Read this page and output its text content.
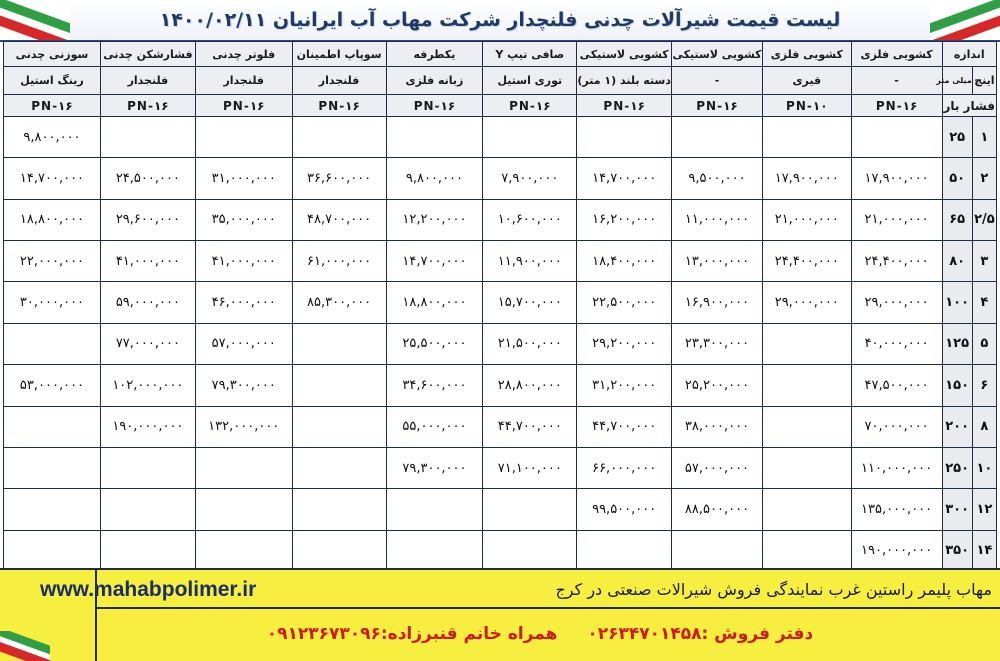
لیست قیمت شیرآلات چدنی فلنچدار شرکت مهاب آب ایرانیان ۱۴۰۰/۰۲/۱۱
اندازه		کشویی فلزی	کشویی فلزی	کشویی لاستیکی	کشویی لاستیکی	صافی تیپ Y	یکطرفه	سوپاپ اطمینان	فلوتر چدنی	فشارشکن چدنی	سوزنی چدنی
اینچ	میلی متر	-	قیری	-	دسته بلند (۱ متر)	توری استیل	زبانه فلزی	فلنجدار	فلنجدار	فلنجدار	رینگ استیل
فشار بار		PN-۱۶	PN-۱۰	PN-۱۶	PN-۱۶	PN-۱۶	PN-۱۶	PN-۱۶	PN-۱۶	PN-۱۶	PN-۱۶
۱	۲۵										۹,۸۰۰,۰۰۰
۲	۵۰	۱۷,۹۰۰,۰۰۰	۱۷,۹۰۰,۰۰۰	۹,۵۰۰,۰۰۰	۱۴,۷۰۰,۰۰۰	۷,۹۰۰,۰۰۰	۹,۸۰۰,۰۰۰	۳۶,۶۰۰,۰۰۰	۳۱,۰۰۰,۰۰۰	۲۴,۵۰۰,۰۰۰	۱۴,۷۰۰,۰۰۰
۲/۵	۶۵	۲۱,۰۰۰,۰۰۰	۲۱,۰۰۰,۰۰۰	۱۱,۰۰۰,۰۰۰	۱۶,۲۰۰,۰۰۰	۱۰,۶۰۰,۰۰۰	۱۲,۲۰۰,۰۰۰	۴۸,۷۰۰,۰۰۰	۳۵,۰۰۰,۰۰۰	۲۹,۶۰۰,۰۰۰	۱۸,۸۰۰,۰۰۰
۳	۸۰	۲۴,۴۰۰,۰۰۰	۲۴,۴۰۰,۰۰۰	۱۳,۰۰۰,۰۰۰	۱۸,۴۰۰,۰۰۰	۱۱,۹۰۰,۰۰۰	۱۴,۷۰۰,۰۰۰	۶۱,۰۰۰,۰۰۰	۴۱,۰۰۰,۰۰۰	۴۱,۰۰۰,۰۰۰	۲۲,۰۰۰,۰۰۰
۴	۱۰۰	۲۹,۰۰۰,۰۰۰	۲۹,۰۰۰,۰۰۰	۱۶,۹۰۰,۰۰۰	۲۲,۵۰۰,۰۰۰	۱۵,۷۰۰,۰۰۰	۱۸,۸۰۰,۰۰۰	۸۵,۳۰۰,۰۰۰	۴۶,۰۰۰,۰۰۰	۵۹,۰۰۰,۰۰۰	۳۰,۰۰۰,۰۰۰
۵	۱۲۵	۴۰,۰۰۰,۰۰۰		۲۳,۳۰۰,۰۰۰	۲۹,۲۰۰,۰۰۰	۲۱,۵۰۰,۰۰۰	۲۵,۵۰۰,۰۰۰		۵۷,۰۰۰,۰۰۰	۷۷,۰۰۰,۰۰۰	
۶	۱۵۰	۴۷,۵۰۰,۰۰۰		۲۵,۲۰۰,۰۰۰	۳۱,۲۰۰,۰۰۰	۲۸,۸۰۰,۰۰۰	۳۴,۶۰۰,۰۰۰		۷۹,۳۰۰,۰۰۰	۱۰۲,۰۰۰,۰۰۰	۵۳,۰۰۰,۰۰۰
۸	۲۰۰	۷۰,۰۰۰,۰۰۰		۳۸,۰۰۰,۰۰۰	۴۴,۷۰۰,۰۰۰	۴۴,۷۰۰,۰۰۰	۵۵,۰۰۰,۰۰۰		۱۳۲,۰۰۰,۰۰۰	۱۹۰,۰۰۰,۰۰۰	
۱۰	۲۵۰	۱۱۰,۰۰۰,۰۰۰		۵۷,۰۰۰,۰۰۰	۶۶,۰۰۰,۰۰۰	۷۱,۱۰۰,۰۰۰	۷۹,۳۰۰,۰۰۰				
۱۲	۳۰۰	۱۳۵,۰۰۰,۰۰۰		۸۸,۵۰۰,۰۰۰	۹۹,۵۰۰,۰۰۰						
۱۴	۳۵۰	۱۹۰,۰۰۰,۰۰۰									
www.mahabpolimer.ir	مهاب پلیمر راستین غرب نمایندگی فروش شیرالات صنعتی در کرج
دفتر فروش :۰۲۶۳۴۷۰۱۴۵۸ همراه خانم قنبرزاده:۰۹۱۲۳۶۷۳۰۹۶
